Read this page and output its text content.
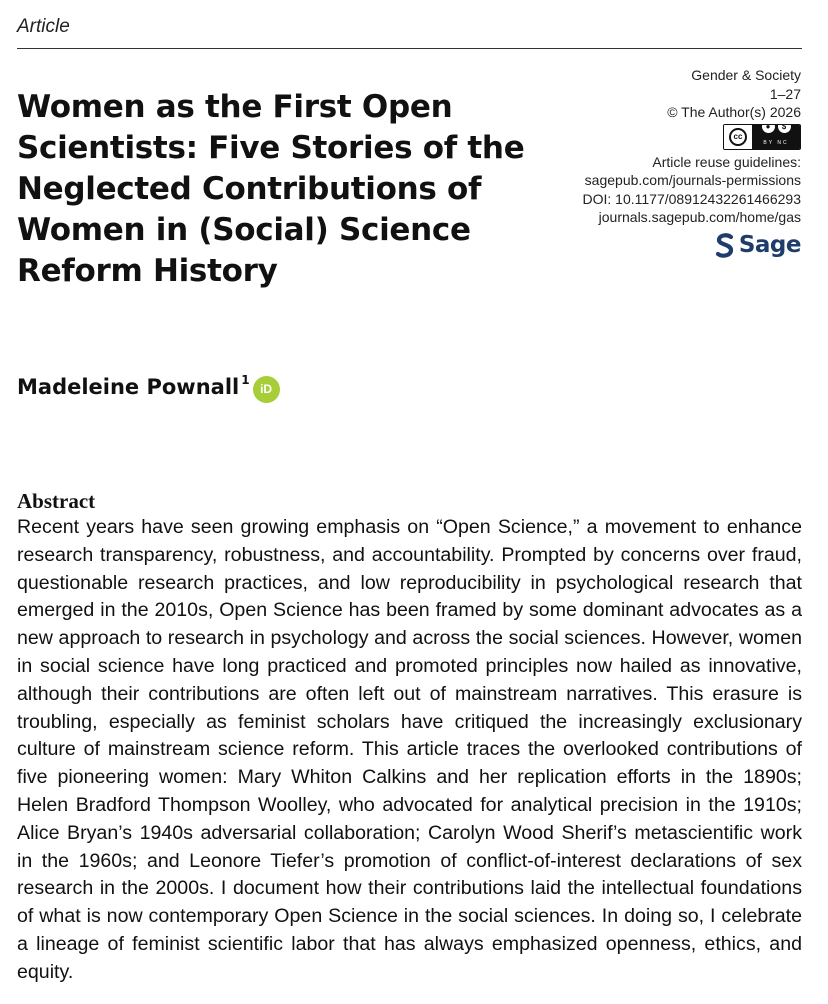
Article
Women as the First Open Scientists: Five Stories of the Neglected Contributions of Women in (Social) Science Reform History
Gender & Society
1–27
© The Author(s) 2026
cc
●	$
BY NC
Article reuse guidelines:
sagepub.com/journals-permissions
DOI: 10.1177/08912432261466293
journals.sagepub.com/home/gas
Sage
Madeleine Pownall$^1$
iD
Abstract

Recent years have seen growing emphasis on “Open Science,” a movement to enhance research transparency, robustness, and accountability. Prompted by concerns over fraud, questionable research practices, and low reproducibility in psychological research that emerged in the 2010s, Open Science has been framed by some dominant advocates as a new approach to research in psychology and across the social sciences. However, women in social science have long practiced and promoted principles now hailed as innovative, although their contributions are often left out of mainstream narratives. This erasure is troubling, especially as feminist scholars have critiqued the increasingly exclusionary culture of mainstream science reform. This article traces the overlooked contributions of five pioneering women: Mary Whiton Calkins and her replication efforts in the 1890s; Helen Bradford Thompson Woolley, who advocated for analytical precision in the 1910s; Alice Bryan’s 1940s adversarial collaboration; Carolyn Wood Sherif’s metascientific work in the 1960s; and Leonore Tiefer’s promotion of conflict-of-interest declarations of sex research in the 2000s. I document how their contributions laid the intellectual foundations of what is now contemporary Open Science in the social sciences. In doing so, I celebrate a lineage of feminist scientific labor that has always emphasized openness, ethics, and equity.
